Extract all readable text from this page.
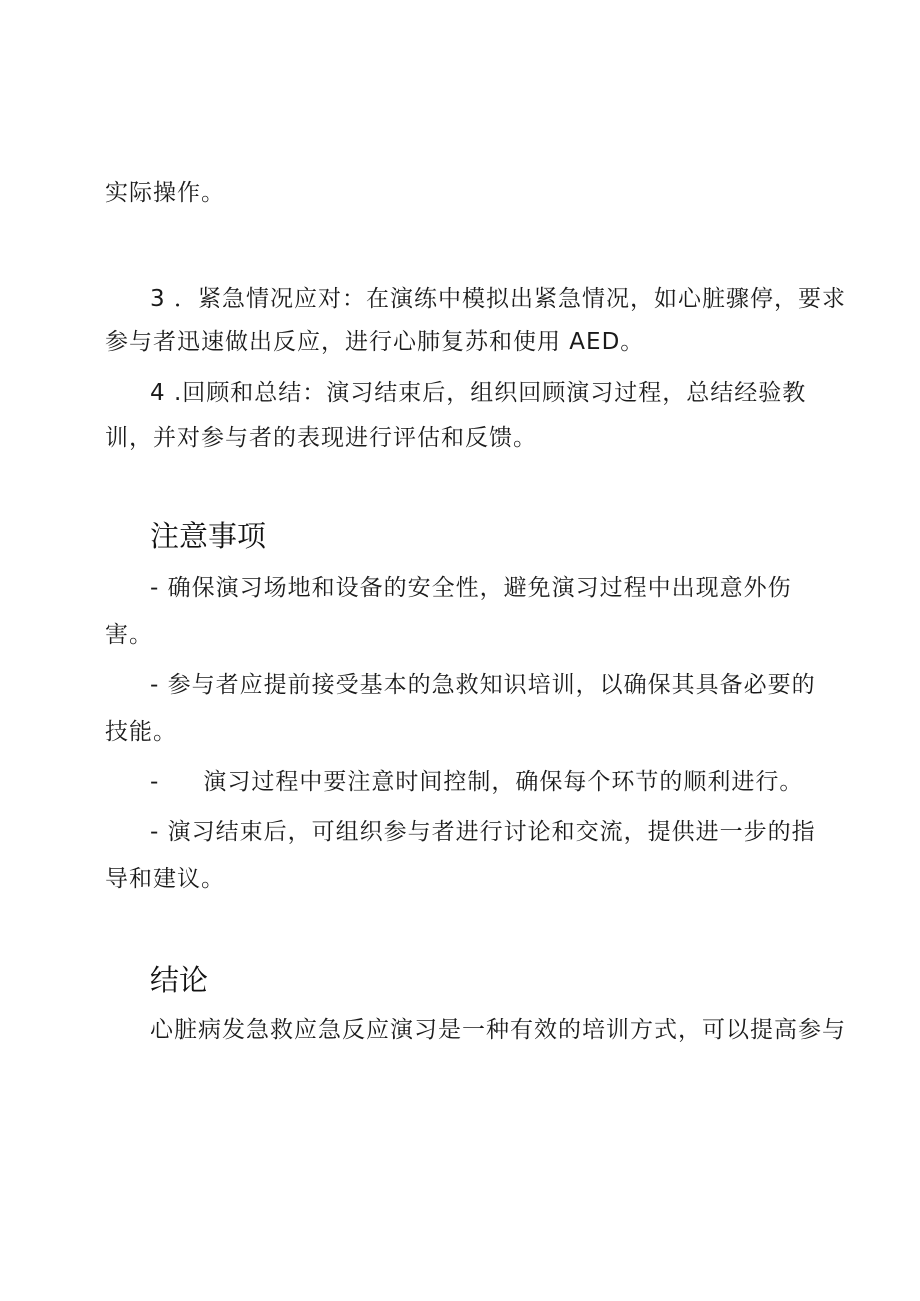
实际操作。
3 ．紧急情况应对：在演练中模拟出紧急情况，如心脏骤停，要求
参与者迅速做出反应，进行心肺复苏和使用 AED。
4 .回顾和总结：演习结束后，组织回顾演习过程，总结经验教
训，并对参与者的表现进行评估和反馈。
注意事项
- 确保演习场地和设备的安全性，避免演习过程中出现意外伤
害。
- 参与者应提前接受基本的急救知识培训，以确保其具备必要的
技能。
- 演习过程中要注意时间控制，确保每个环节的顺利进行。
- 演习结束后，可组织参与者进行讨论和交流，提供进一步的指
导和建议。
结论
心脏病发急救应急反应演习是一种有效的培训方式，可以提高参与
